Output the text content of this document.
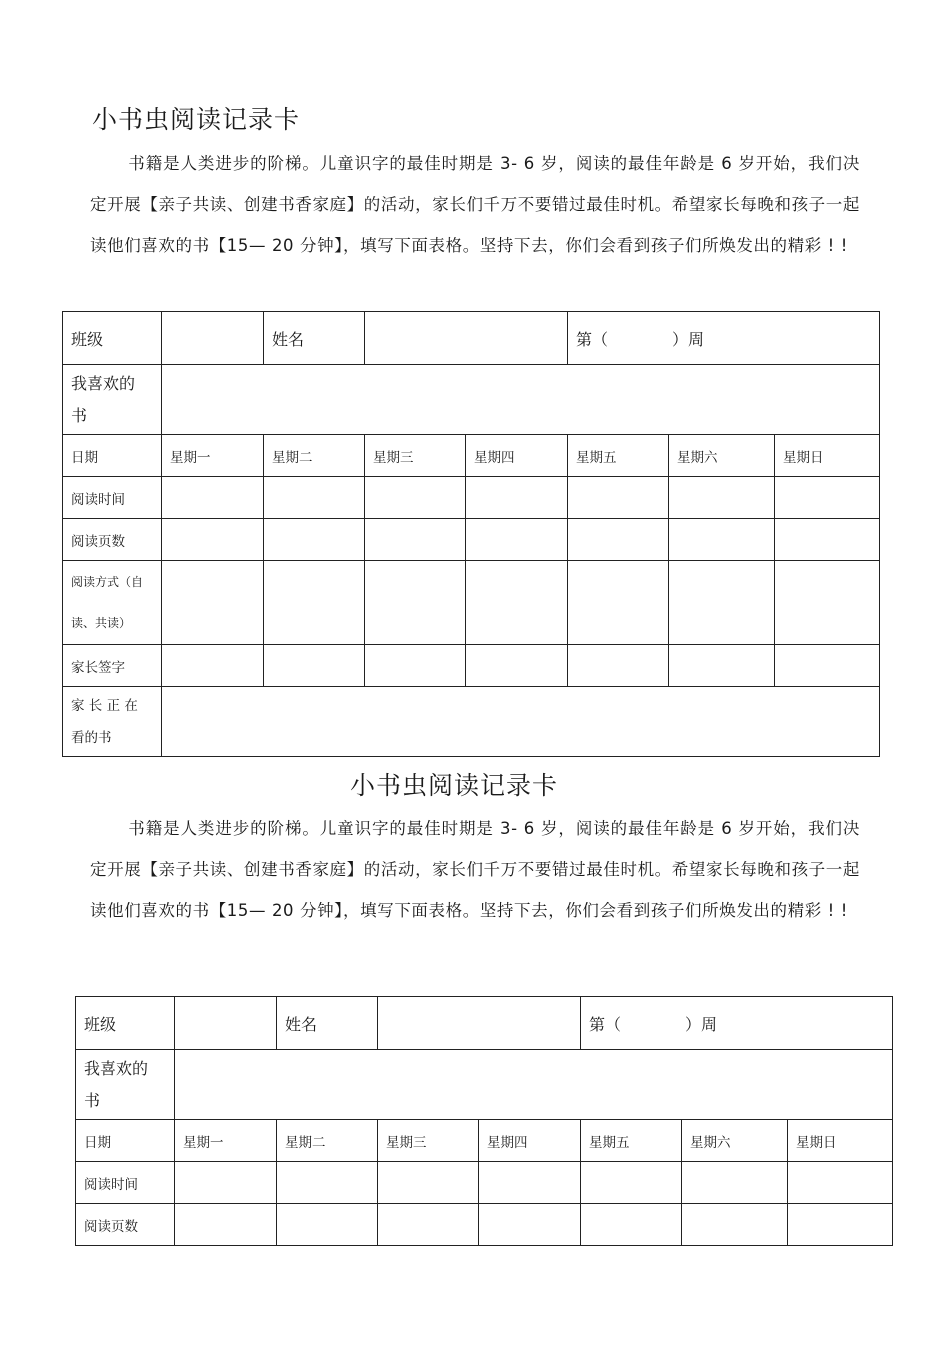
小书虫阅读记录卡

书籍是人类进步的阶梯。儿童识字的最佳时期是 3- 6 岁，阅读的最佳年龄是 6 岁开始，我们决定开展【亲子共读、创建书香家庭】的活动，家长们千万不要错过最佳时机。希望家长每晚和孩子一起读他们喜欢的书【15— 20 分钟】，填写下面表格。坚持下去，你们会看到孩子们所焕发出的精彩 ! !

班级		姓名			第（　　　　）周		
我喜欢的
书							
日期	星期一	星期二	星期三	星期四	星期五	星期六	星期日
阅读时间							
阅读页数							
阅读方式（自
读、共读）							
家长签字							
家 长 正 在
看的书							
小书虫阅读记录卡

书籍是人类进步的阶梯。儿童识字的最佳时期是 3- 6 岁，阅读的最佳年龄是 6 岁开始，我们决定开展【亲子共读、创建书香家庭】的活动，家长们千万不要错过最佳时机。希望家长每晚和孩子一起读他们喜欢的书【15— 20 分钟】，填写下面表格。坚持下去，你们会看到孩子们所焕发出的精彩 ! !

班级		姓名			第（　　　　）周		
我喜欢的
书							
日期	星期一	星期二	星期三	星期四	星期五	星期六	星期日
阅读时间							
阅读页数							
